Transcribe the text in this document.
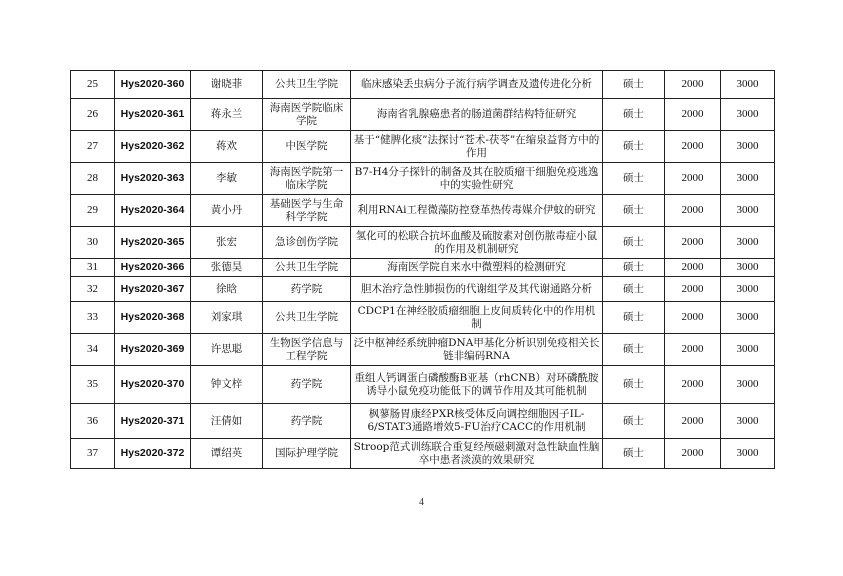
25	Hys2020-360	谢晓菲	公共卫生学院	临床感染丢虫病分子流行病学调查及遗传进化分析	硕士	2000	3000
26	Hys2020-361	蒋永兰	海南医学院临床学院	海南省乳腺癌患者的肠道菌群结构特征研究	硕士	2000	3000
27	Hys2020-362	蒋欢	中医学院	基于“健脾化痰”法探讨“苍术-茯苓”在缩泉益肾方中的作用	硕士	2000	3000
28	Hys2020-363	李敏	海南医学院第一临床学院	B7-H4分子探针的制备及其在胶质瘤干细胞免疫逃逸中的实验性研究	硕士	2000	3000
29	Hys2020-364	黄小丹	基础医学与生命科学学院	利用RNAi工程微藻防控登革热传毒媒介伊蚊的研究	硕士	2000	3000
30	Hys2020-365	张宏	急诊创伤学院	氢化可的松联合抗坏血酸及硫胺素对创伤脓毒症小鼠的作用及机制研究	硕士	2000	3000
31	Hys2020-366	张德昊	公共卫生学院	海南医学院自来水中微塑料的检测研究	硕士	2000	3000
32	Hys2020-367	徐晗	药学院	胆木治疗急性肺损伤的代谢组学及其代谢通路分析	硕士	2000	3000
33	Hys2020-368	刘家琪	公共卫生学院	CDCP1在神经胶质瘤细胞上皮间质转化中的作用机制	硕士	2000	3000
34	Hys2020-369	许思聪	生物医学信息与工程学院	泛中枢神经系统肿瘤DNA甲基化分析识别免疫相关长链非编码RNA	硕士	2000	3000
35	Hys2020-370	钟文梓	药学院	重组人钙调蛋白磷酸酶B亚基（rhCNB）对环磷酰胺诱导小鼠免疫功能低下的调节作用及其可能机制	硕士	2000	3000
36	Hys2020-371	汪倩如	药学院	枫蓼肠胃康经PXR核受体反向调控细胞因子IL-6/STAT3通路增效5-FU治疗CACC的作用机制	硕士	2000	3000
37	Hys2020-372	谭绍英	国际护理学院	Stroop范式训练联合重复经颅磁刺激对急性缺血性脑卒中患者淡漠的效果研究	硕士	2000	3000
4
